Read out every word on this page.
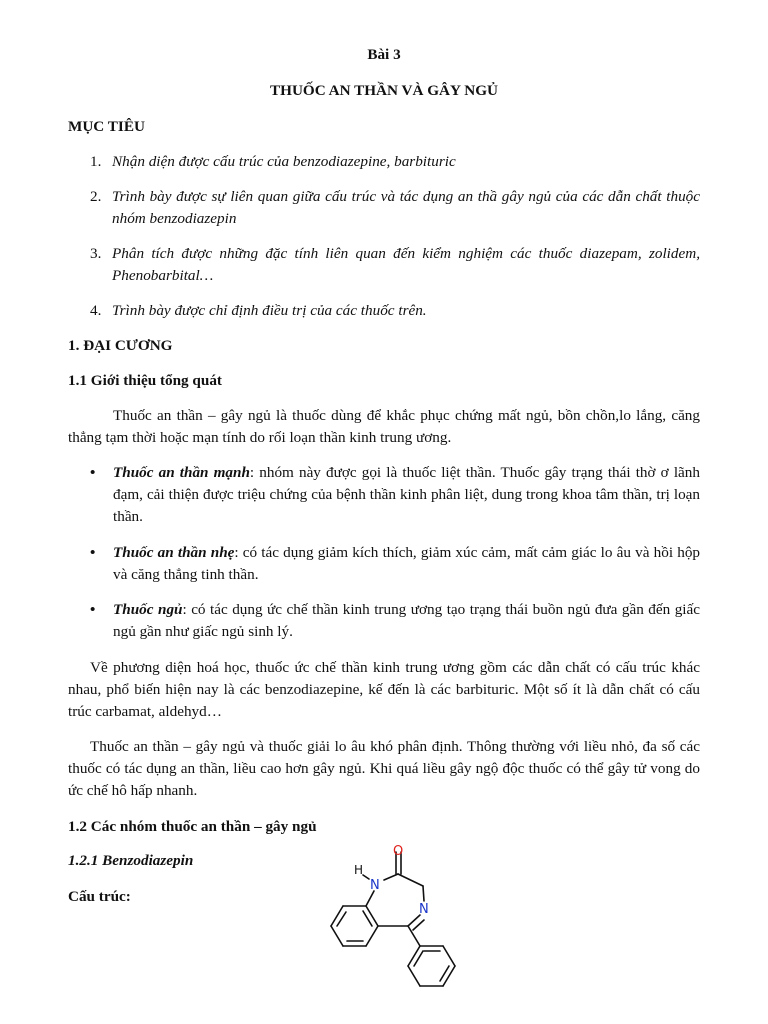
Bài 3
THUỐC AN THẦN VÀ GÂY NGỦ
MỤC TIÊU
1. Nhận diện được cấu trúc của benzodiazepine, barbituric
2. Trình bày được sự liên quan giữa cấu trúc và tác dụng an thầ gây ngủ của các dẫn chất thuộc nhóm benzodiazepin
3. Phân tích được những đặc tính liên quan đến kiểm nghiệm các thuốc diazepam, zolidem, Phenobarbital…
4. Trình bày được chỉ định điều trị của các thuốc trên.
1. ĐẠI CƯƠNG
1.1 Giới thiệu tổng quát
Thuốc an thần – gây ngủ là thuốc dùng để khắc phục chứng mất ngủ, bồn chồn,lo lắng, căng thẳng tạm thời hoặc mạn tính do rối loạn thần kinh trung ương.
• Thuốc an thần mạnh: nhóm này được gọi là thuốc liệt thần. Thuốc gây trạng thái thờ ơ lãnh đạm, cải thiện được triệu chứng của bệnh thần kinh phân liệt, dung trong khoa tâm thần, trị loạn thần.
• Thuốc an thần nhẹ: có tác dụng giảm kích thích, giảm xúc cảm, mất cảm giác lo âu và hồi hộp và căng thẳng tinh thần.
• Thuốc ngủ: có tác dụng ức chế thần kinh trung ương tạo trạng thái buồn ngủ đưa gần đến giấc ngủ gần như giấc ngủ sinh lý.
Về phương diện hoá học, thuốc ức chế thần kinh trung ương gồm các dẫn chất có cấu trúc khác nhau, phổ biến hiện nay là các benzodiazepine, kế đến là các barbituric. Một số ít là dẫn chất có cấu trúc carbamat, aldehyd…
Thuốc an thần – gây ngủ và thuốc giải lo âu khó phân định. Thông thường với liều nhỏ, đa số các thuốc có tác dụng an thần, liều cao hơn gây ngủ. Khi quá liều gây ngộ độc thuốc có thể gây tử vong do ức chế hô hấp nhanh.
1.2 Các nhóm thuốc an thần – gây ngủ
1.2.1 Benzodiazepin
Cấu trúc:
O
H
N
N
